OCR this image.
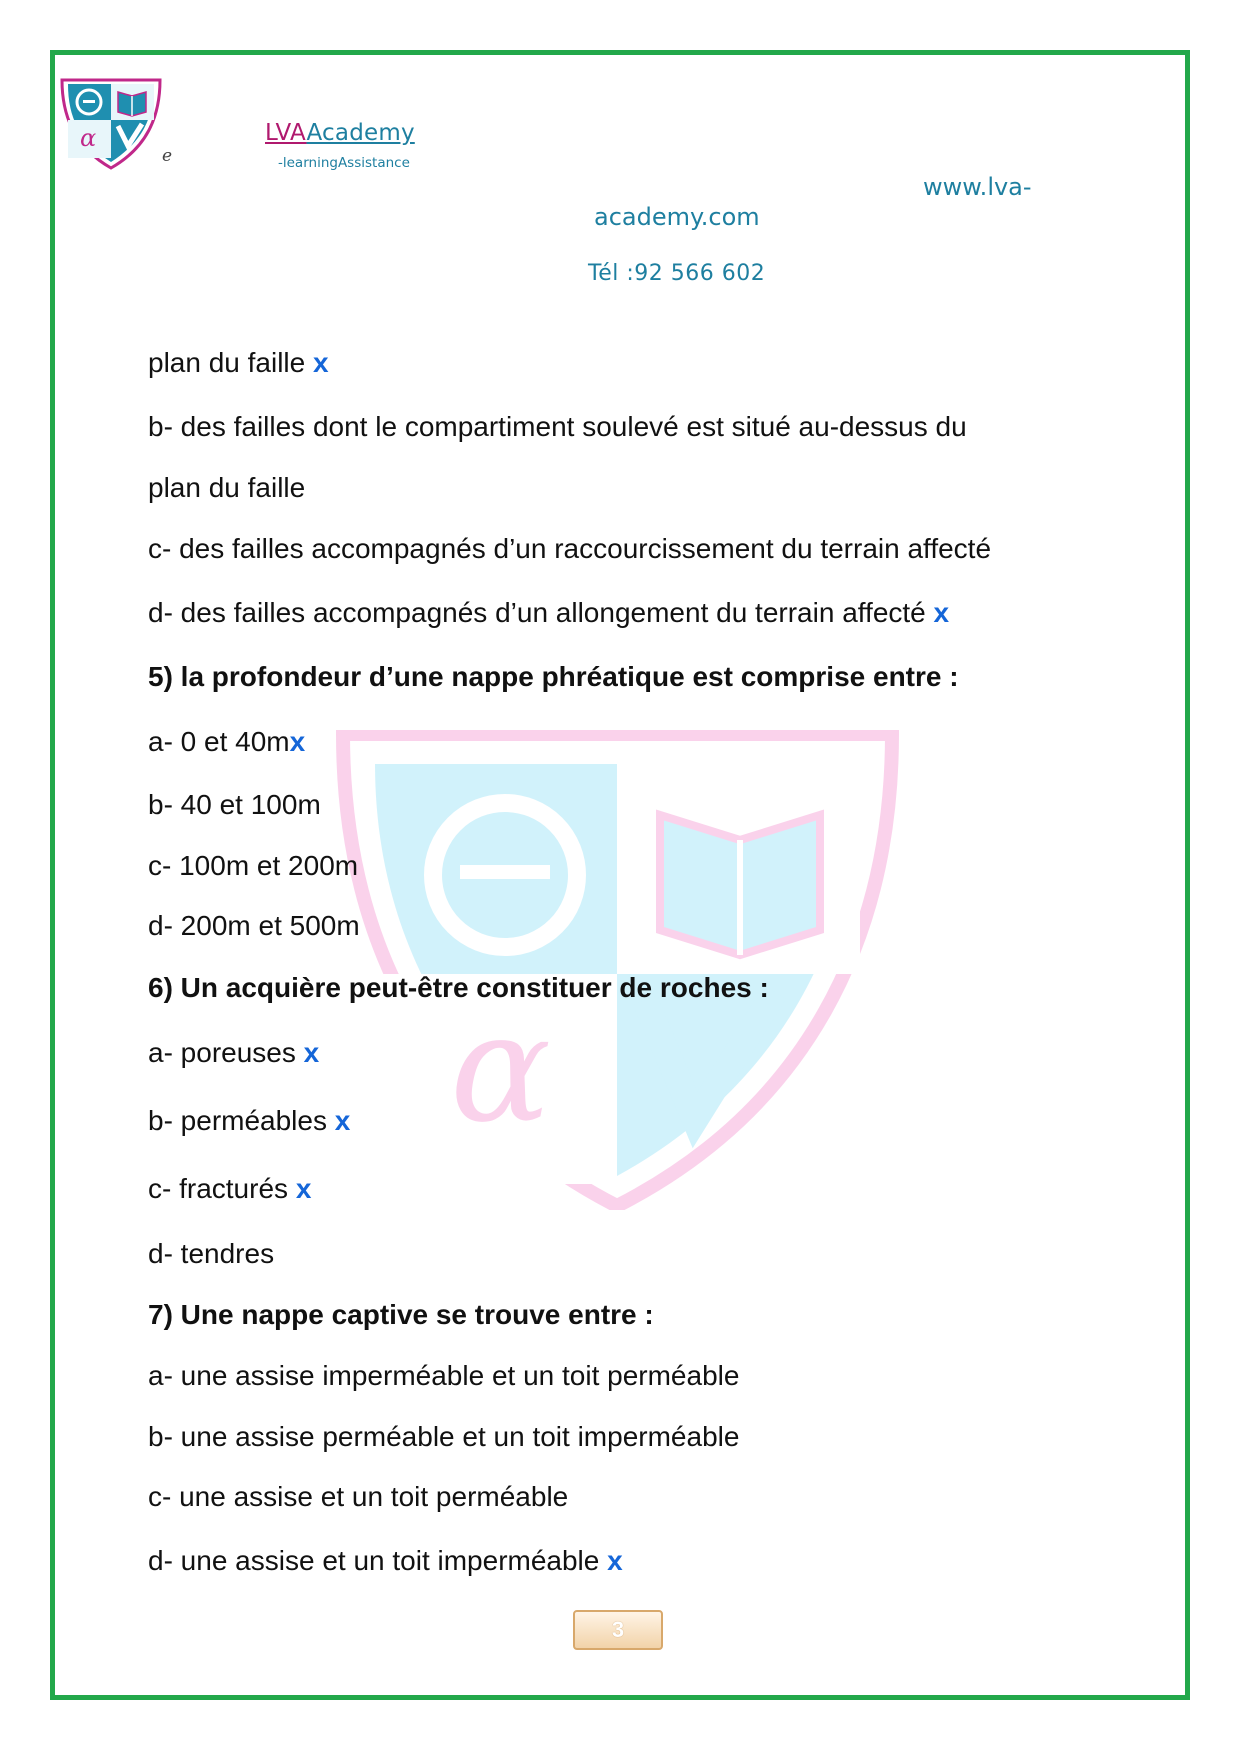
α
e
LVAAcademy
-learningAssistance
www.lva-
academy.com
Tél :92 566 602
α
plan du faille x
b- des failles dont le compartiment soulevé est situé au-dessus du
plan du faille
c- des failles accompagnés d’un raccourcissement du terrain affecté
d- des failles accompagnés d’un allongement du terrain affecté x
5) la profondeur d’une nappe phréatique est comprise entre :
a- 0 et 40mx
b- 40 et 100m
c- 100m et 200m
d- 200m et 500m
6) Un acquière peut-être constituer de roches :
a- poreuses x
b- perméables x
c- fracturés x
d- tendres
7) Une nappe captive se trouve entre :
a- une assise imperméable et un toit perméable
b- une assise perméable et un toit imperméable
c- une assise et un toit perméable
d- une assise et un toit imperméable x
3
